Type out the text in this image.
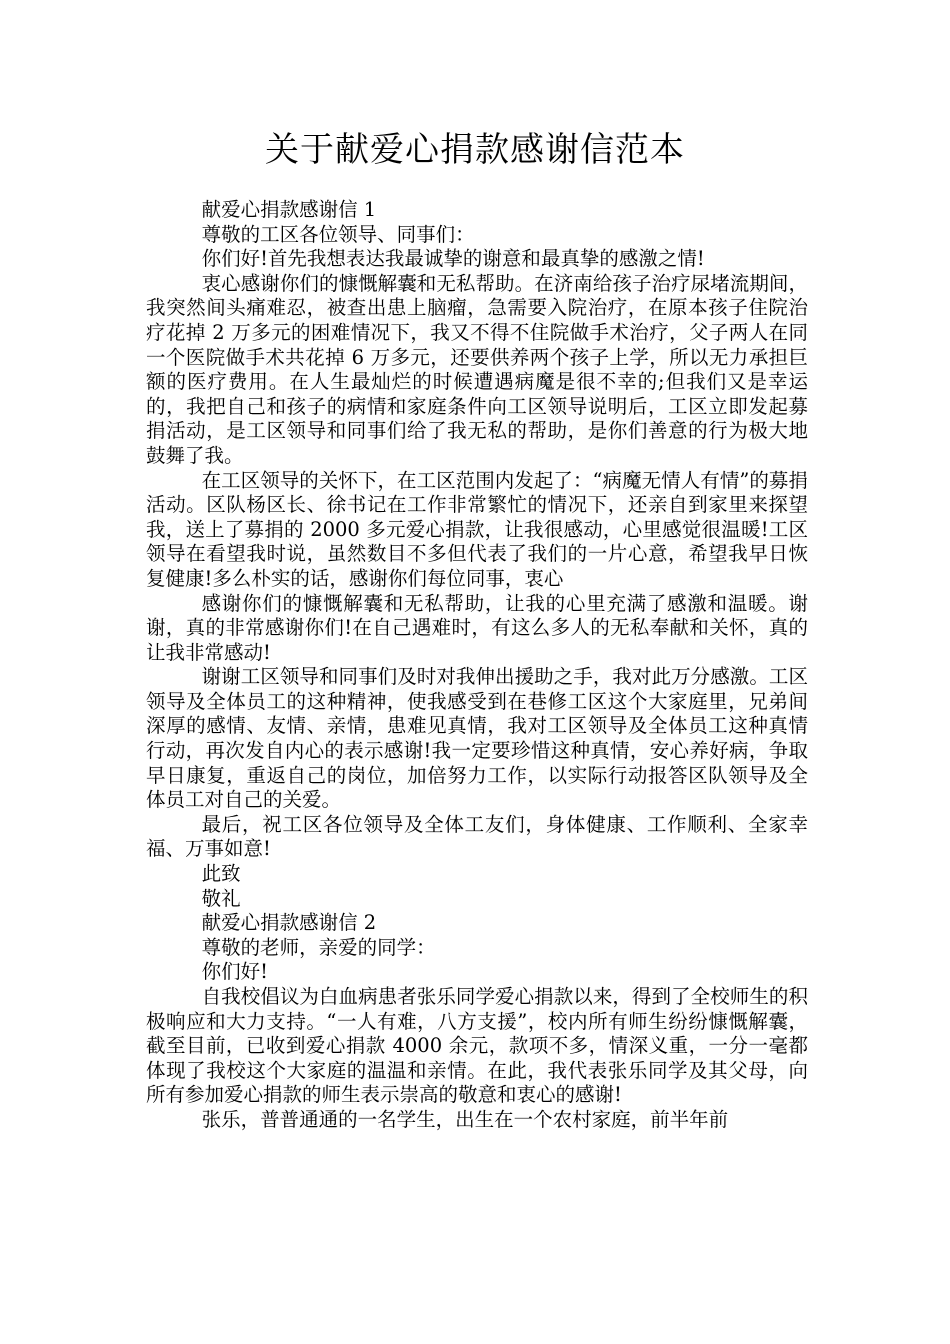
关于献爱心捐款感谢信范本

献爱心捐款感谢信 1

尊敬的工区各位领导、同事们：

你们好!首先我想表达我最诚挚的谢意和最真挚的感激之情!

衷心感谢你们的慷慨解囊和无私帮助。在济南给孩子治疗尿堵流期间，我突然间头痛难忍，被查出患上脑瘤，急需要入院治疗，在原本孩子住院治疗花掉 2 万多元的困难情况下，我又不得不住院做手术治疗，父子两人在同一个医院做手术共花掉 6 万多元，还要供养两个孩子上学，所以无力承担巨额的医疗费用。在人生最灿烂的时候遭遇病魔是很不幸的;但我们又是幸运的，我把自己和孩子的病情和家庭条件向工区领导说明后，工区立即发起募捐活动，是工区领导和同事们给了我无私的帮助，是你们善意的行为极大地鼓舞了我。

在工区领导的关怀下，在工区范围内发起了：“病魔无情人有情”的募捐活动。区队杨区长、徐书记在工作非常繁忙的情况下，还亲自到家里来探望我，送上了募捐的 2000 多元爱心捐款，让我很感动，心里感觉很温暖!工区领导在看望我时说，虽然数目不多但代表了我们的一片心意，希望我早日恢复健康!多么朴实的话，感谢你们每位同事，衷心

感谢你们的慷慨解囊和无私帮助，让我的心里充满了感激和温暖。谢谢，真的非常感谢你们!在自己遇难时，有这么多人的无私奉献和关怀，真的让我非常感动!

谢谢工区领导和同事们及时对我伸出援助之手，我对此万分感激。工区领导及全体员工的这种精神，使我感受到在巷修工区这个大家庭里，兄弟间深厚的感情、友情、亲情，患难见真情，我对工区领导及全体员工这种真情行动，再次发自内心的表示感谢!我一定要珍惜这种真情，安心养好病，争取早日康复，重返自己的岗位，加倍努力工作，以实际行动报答区队领导及全体员工对自己的关爱。

最后，祝工区各位领导及全体工友们，身体健康、工作顺利、全家幸福、万事如意!

此致

敬礼

献爱心捐款感谢信 2

尊敬的老师，亲爱的同学：

你们好!

自我校倡议为白血病患者张乐同学爱心捐款以来，得到了全校师生的积极响应和大力支持。“一人有难，八方支援”，校内所有师生纷纷慷慨解囊，截至目前，已收到爱心捐款 4000 余元，款项不多，情深义重，一分一毫都体现了我校这个大家庭的温温和亲情。在此，我代表张乐同学及其父母，向所有参加爱心捐款的师生表示崇高的敬意和衷心的感谢!

张乐，普普通通的一名学生，出生在一个农村家庭，前半年前
